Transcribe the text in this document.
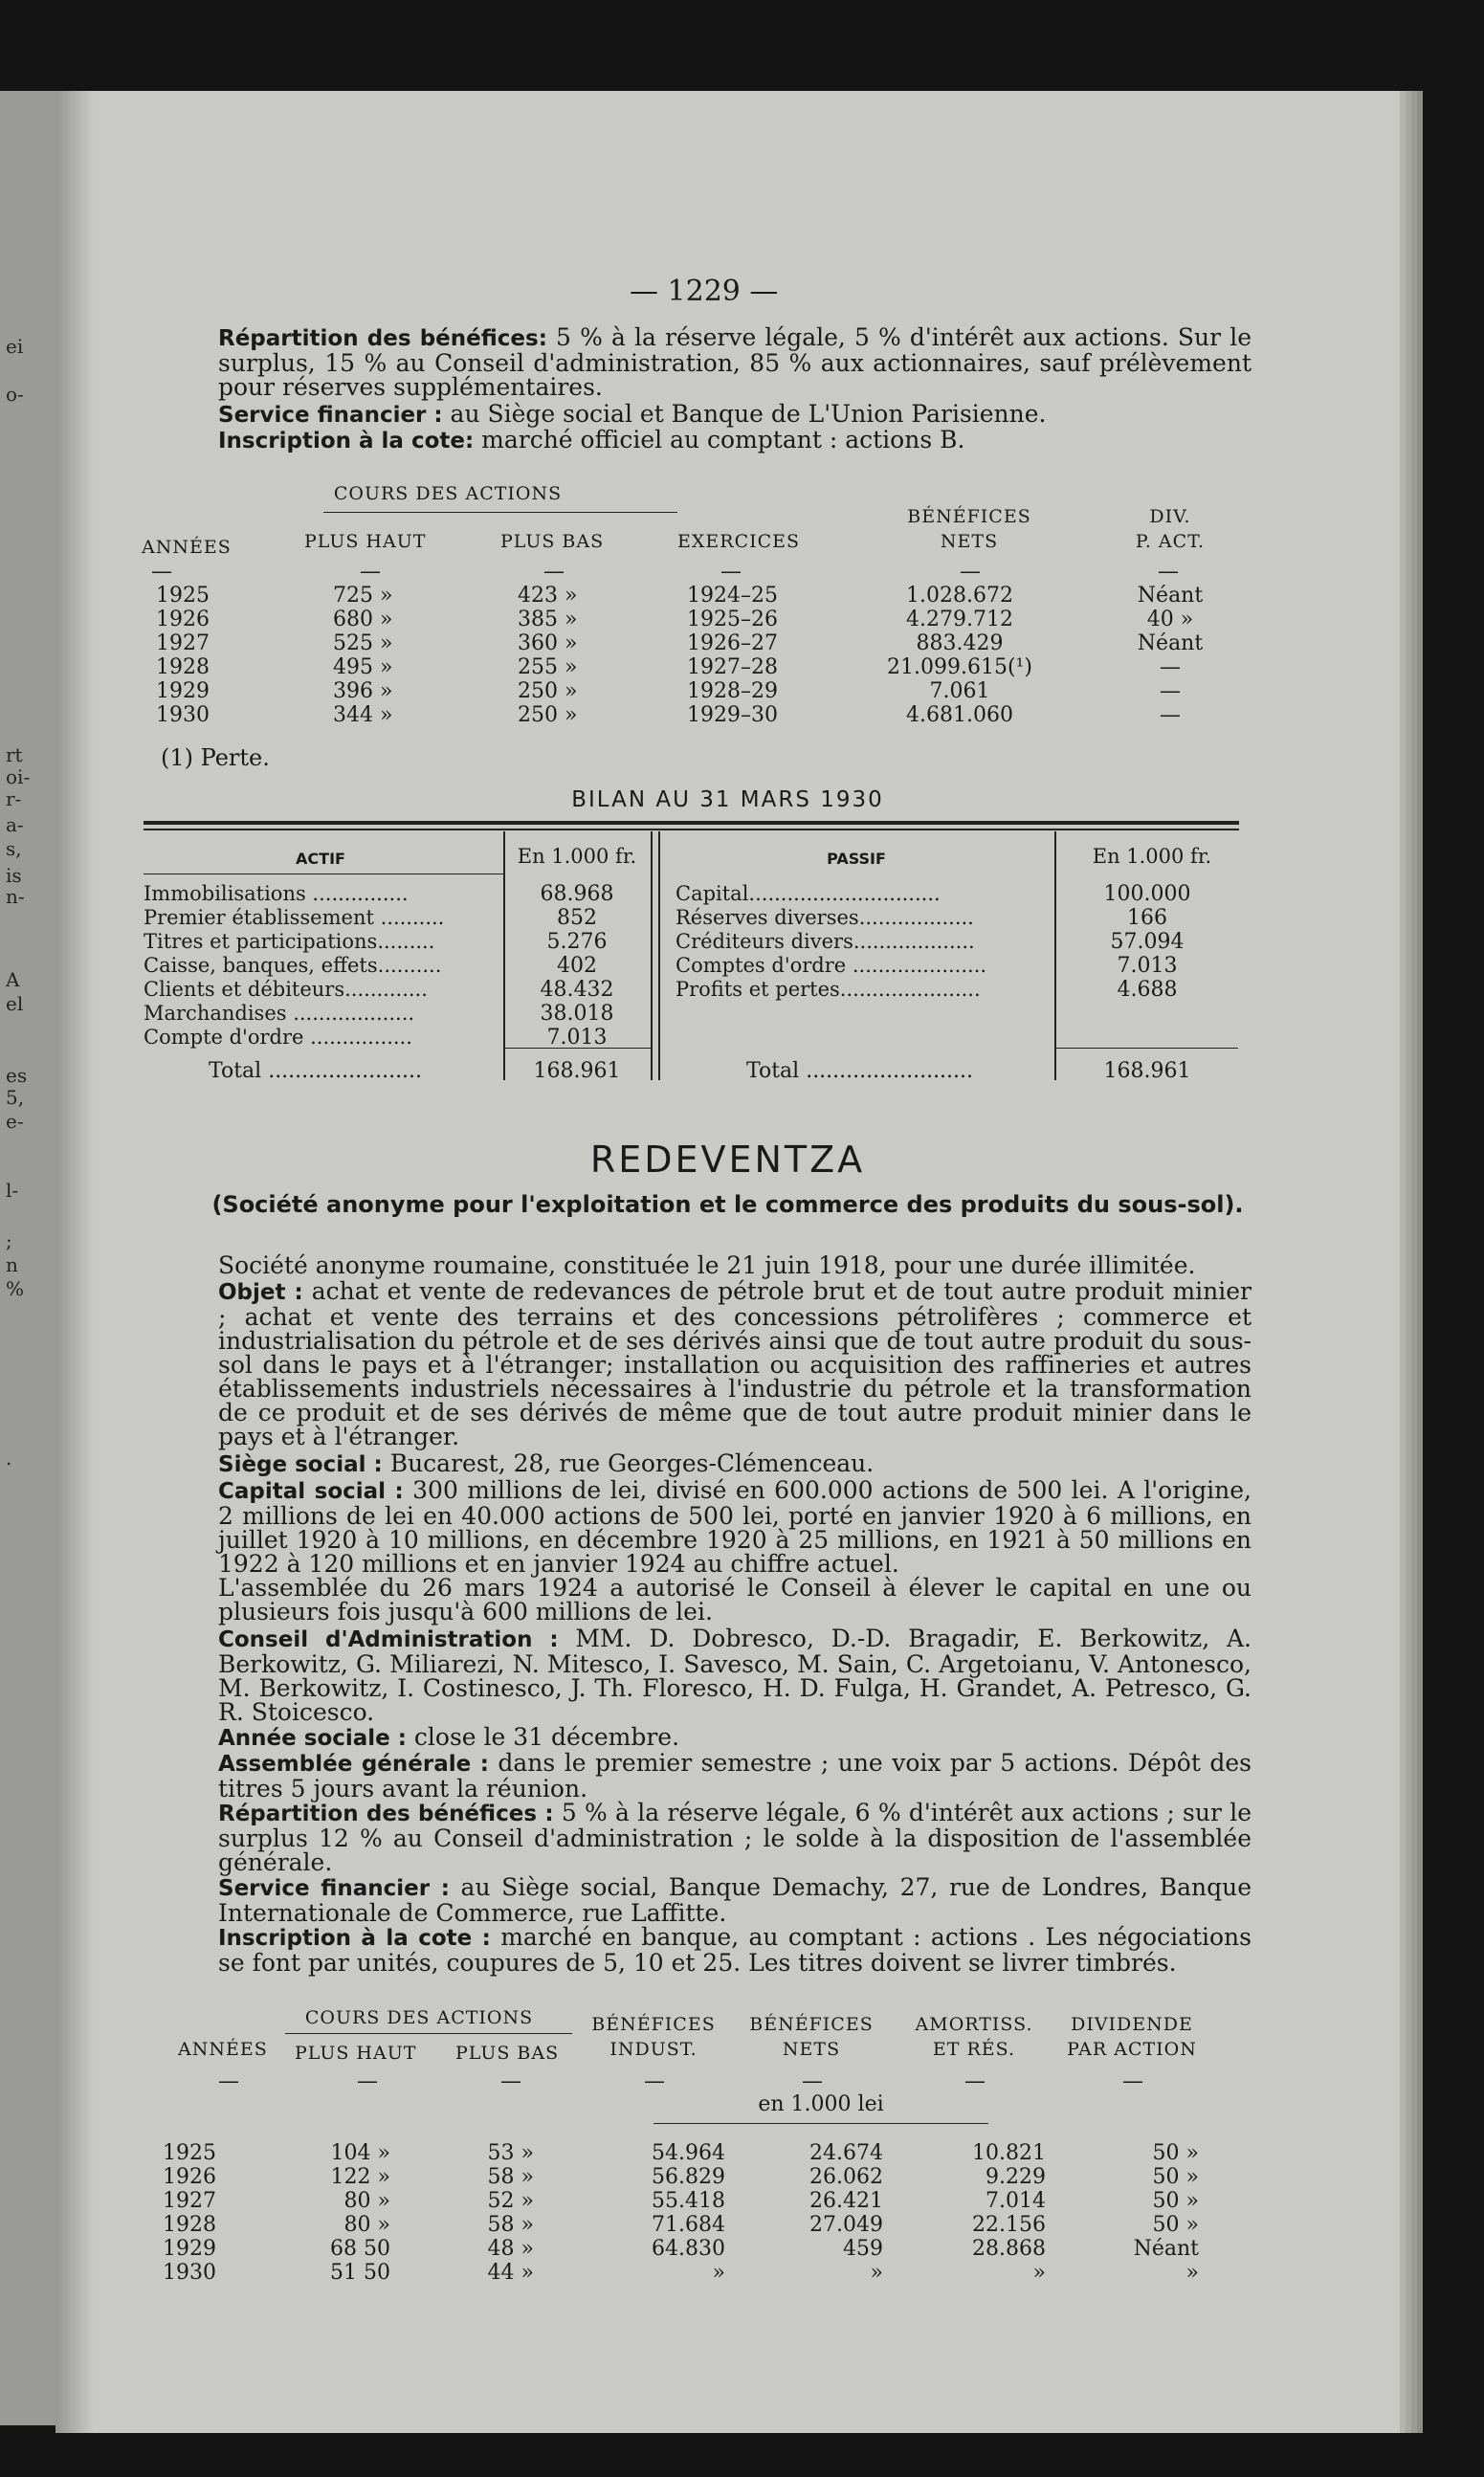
ei
o-
rt
oi-
r-
a-
s,
is
n-
A
el
es
5,
e-
l-
;
n
%
.
— 1229 —
Répartition des bénéfices: 5 % à la réserve légale, 5 % d'intérêt aux actions. Sur le surplus, 15 % au Conseil d'administration, 85 % aux actionnaires, sauf prélèvement pour réserves supplémentaires.
Service financier : au Siège social et Banque de L'Union Parisienne.
Inscription à la cote: marché officiel au comptant : actions B.
COURS DES ACTIONS
ANNÉES	PLUS HAUT	PLUS BAS	EXERCICES
BÉNÉFICES
NETS
DIV.
P. ACT.
—	—	—	—	—	—
1925	725 »	423 »	1924–25	1.028.672	Néant
1926	680 »	385 »	1925–26	4.279.712	40 »
1927	525 »	360 »	1926–27	883.429	Néant
1928	495 »	255 »	1927–28	21.099.615(¹)	—
1929	396 »	250 »	1928–29	7.061	—
1930	344 »	250 »	1929–30	4.681.060	—
(1) Perte.
BILAN AU 31 MARS 1930
ACTIF	En 1.000 fr.	PASSIF	En 1.000 fr.
Immobilisations ...............	68.968
Premier établissement ..........	852
Titres et participations.........	5.276
Caisse, banques, effets..........	402
Clients et débiteurs.............	48.432
Marchandises ...................	38.018
Compte d'ordre ................	7.013
Capital..............................	100.000
Réserves diverses..................	166
Créditeurs divers...................	57.094
Comptes d'ordre .....................	7.013
Profits et pertes......................	4.688
Total .......................	168.961	Total .........................	168.961
REDEVENTZA
(Société anonyme pour l'exploitation et le commerce des produits du sous-sol).
Société anonyme roumaine, constituée le 21 juin 1918, pour une durée illimitée.
Objet : achat et vente de redevances de pétrole brut et de tout autre produit minier ; achat et vente des terrains et des concessions pétrolifères ; commerce et industrialisation du pétrole et de ses dérivés ainsi que de tout autre produit du sous-sol dans le pays et à l'étranger; installation ou acquisition des raffineries et autres établissements industriels nécessaires à l'industrie du pétrole et la transformation de ce produit et de ses dérivés de même que de tout autre produit minier dans le pays et à l'étranger.
Siège social : Bucarest, 28, rue Georges-Clémenceau.
Capital social : 300 millions de lei, divisé en 600.000 actions de 500 lei. A l'origine, 2 millions de lei en 40.000 actions de 500 lei, porté en janvier 1920 à 6 millions, en juillet 1920 à 10 millions, en décembre 1920 à 25 millions, en 1921 à 50 millions en 1922 à 120 millions et en janvier 1924 au chiffre actuel.
L'assemblée du 26 mars 1924 a autorisé le Conseil à élever le capital en une ou plusieurs fois jusqu'à 600 millions de lei.
Conseil d'Administration : MM. D. Dobresco, D.-D. Bragadir, E. Berkowitz, A. Berkowitz, G. Miliarezi, N. Mitesco, I. Savesco, M. Sain, C. Argetoianu, V. Antonesco, M. Berkowitz, I. Costinesco, J. Th. Floresco, H. D. Fulga, H. Grandet, A. Petresco, G. R. Stoicesco.
Année sociale : close le 31 décembre.
Assemblée générale : dans le premier semestre ; une voix par 5 actions. Dépôt des titres 5 jours avant la réunion.
Répartition des bénéfices : 5 % à la réserve légale, 6 % d'intérêt aux actions ; sur le surplus 12 % au Conseil d'administration ; le solde à la disposition de l'assemblée générale.
Service financier : au Siège social, Banque Demachy, 27, rue de Londres, Banque Internationale de Commerce, rue Laffitte.
Inscription à la cote : marché en banque, au comptant : actions . Les négociations se font par unités, coupures de 5, 10 et 25. Les titres doivent se livrer timbrés.
COURS DES ACTIONS
ANNÉES PLUS HAUT PLUS BAS
BÉNÉFICES
INDUST.
BÉNÉFICES
NETS
AMORTISS.
ET RÉS.
DIVIDENDE
PAR ACTION
—	—	—	—	—	—	—
en 1.000 lei
1925	104 »	53 »	54.964	24.674	10.821	50 »
1926	122 »	58 »	56.829	26.062	9.229	50 »
1927	80 »	52 »	55.418	26.421	7.014	50 »
1928	80 »	58 »	71.684	27.049	22.156	50 »
1929	68 50	48 »	64.830	459	28.868	Néant
1930	51 50	44 »	»	»	»	»
